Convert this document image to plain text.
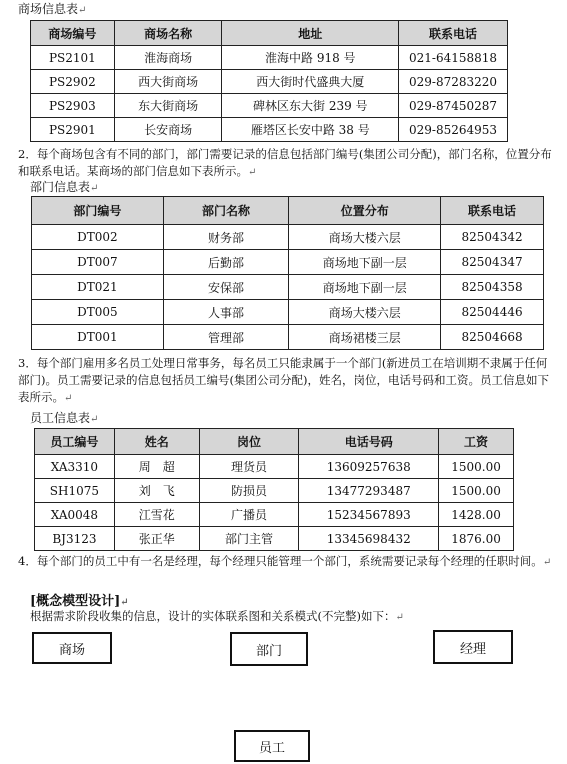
商场信息表↵
商场编号	商场名称	地址	联系电话
PS2101	淮海商场	淮海中路 918 号	021-64158818
PS2902	西大街商场	西大街时代盛典大厦	029-87283220
PS2903	东大街商场	碑林区东大街 239 号	029-87450287
PS2901	长安商场	雁塔区长安中路 38 号	029-85264953
2．每个商场包含有不同的部门，部门需要记录的信息包括部门编号(集团公司分配)，部门名称，位置分布和联系电话。某商场的部门信息如下表所示。↵
部门信息表↵
部门编号	部门名称	位置分布	联系电话
DT002	财务部	商场大楼六层	82504342
DT007	后勤部	商场地下副一层	82504347
DT021	安保部	商场地下副一层	82504358
DT005	人事部	商场大楼六层	82504446
DT001	管理部	商场裙楼三层	82504668
3．每个部门雇用多名员工处理日常事务，每名员工只能隶属于一个部门(新进员工在培训期不隶属于任何部门)。员工需要记录的信息包括员工编号(集团公司分配)，姓名，岗位，电话号码和工资。员工信息如下表所示。↵
员工信息表↵
员工编号	姓名	岗位	电话号码	工资
XA3310	周　超	理货员	13609257638	1500.00
SH1075	刘　飞	防损员	13477293487	1500.00
XA0048	江雪花	广播员	15234567893	1428.00
BJ3123	张正华	部门主管	13345698432	1876.00
4．每个部门的员工中有一名是经理，每个经理只能管理一个部门，系统需要记录每个经理的任职时间。↵
[概念模型设计]↵
根据需求阶段收集的信息，设计的实体联系图和关系模式(不完整)如下：↵
商场	部门	经理
员工
